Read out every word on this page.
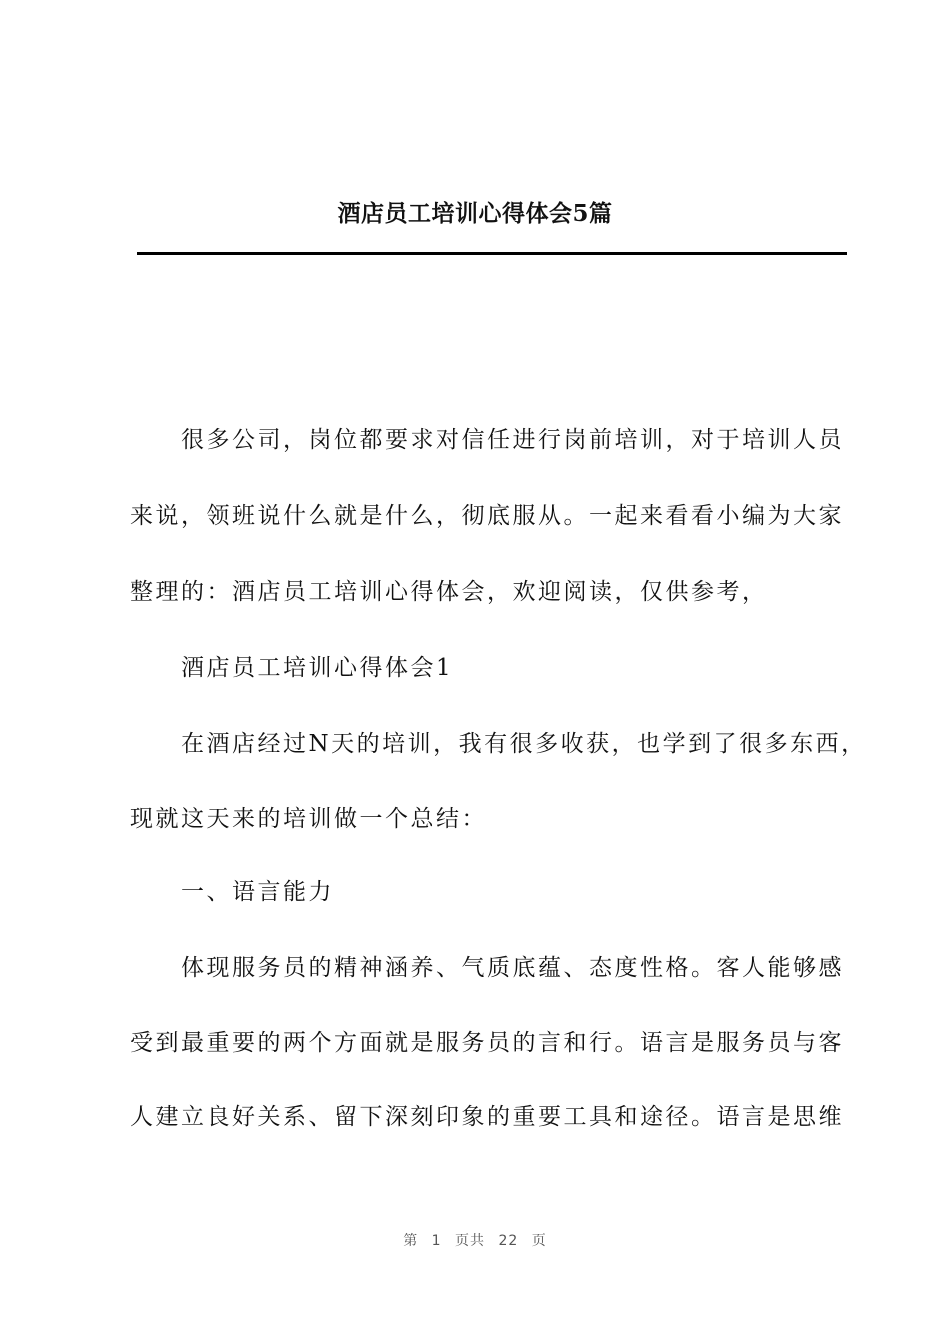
酒店员工培训心得体会5篇

　　很多公司，岗位都要求对信任进行岗前培训，对于培训人员

来说，领班说什么就是什么，彻底服从。一起来看看小编为大家

整理的：酒店员工培训心得体会，欢迎阅读，仅供参考，

　　酒店员工培训心得体会1

　　在酒店经过N天的培训，我有很多收获，也学到了很多东西，

现就这天来的培训做一个总结：

　　一、语言能力

　　体现服务员的精神涵养、气质底蕴、态度性格。客人能够感

受到最重要的两个方面就是服务员的言和行。语言是服务员与客

人建立良好关系、留下深刻印象的重要工具和途径。语言是思维

第 1 页共 22 页
